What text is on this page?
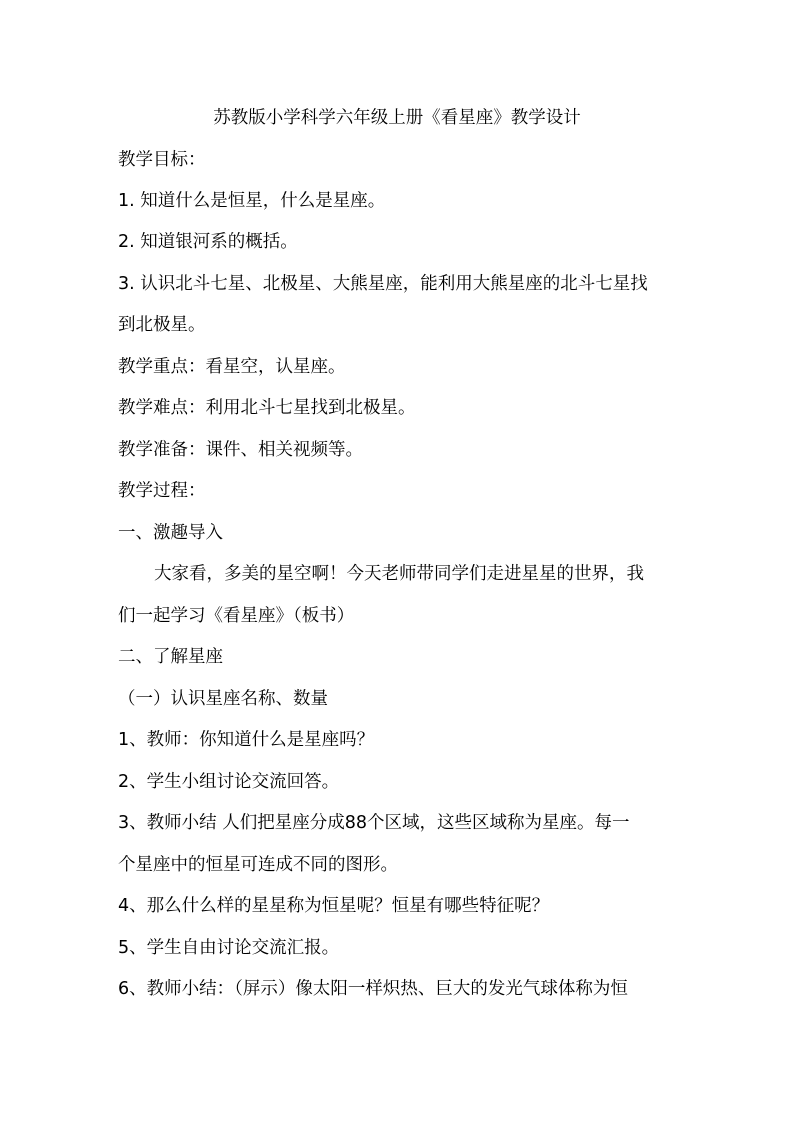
苏教版小学科学六年级上册《看星座》教学设计
教学目标：
1. 知道什么是恒星，什么是星座。
2. 知道银河系的概括。
3. 认识北斗七星、北极星、大熊星座，能利用大熊星座的北斗七星找
到北极星。
教学重点：看星空，认星座。
教学难点：利用北斗七星找到北极星。
教学准备：课件、相关视频等。
教学过程：
一、激趣导入
大家看，多美的星空啊！今天老师带同学们走进星星的世界，我
们一起学习《看星座》（板书）
二、了解星座
（一）认识星座名称、数量
1、教师：你知道什么是星座吗？
2、学生小组讨论交流回答。
3、教师小结 人们把星座分成88个区域，这些区域称为星座。每一
个星座中的恒星可连成不同的图形。
4、那么什么样的星星称为恒星呢？恒星有哪些特征呢？
5、学生自由讨论交流汇报。
6、教师小结：（屏示）像太阳一样炽热、巨大的发光气球体称为恒
